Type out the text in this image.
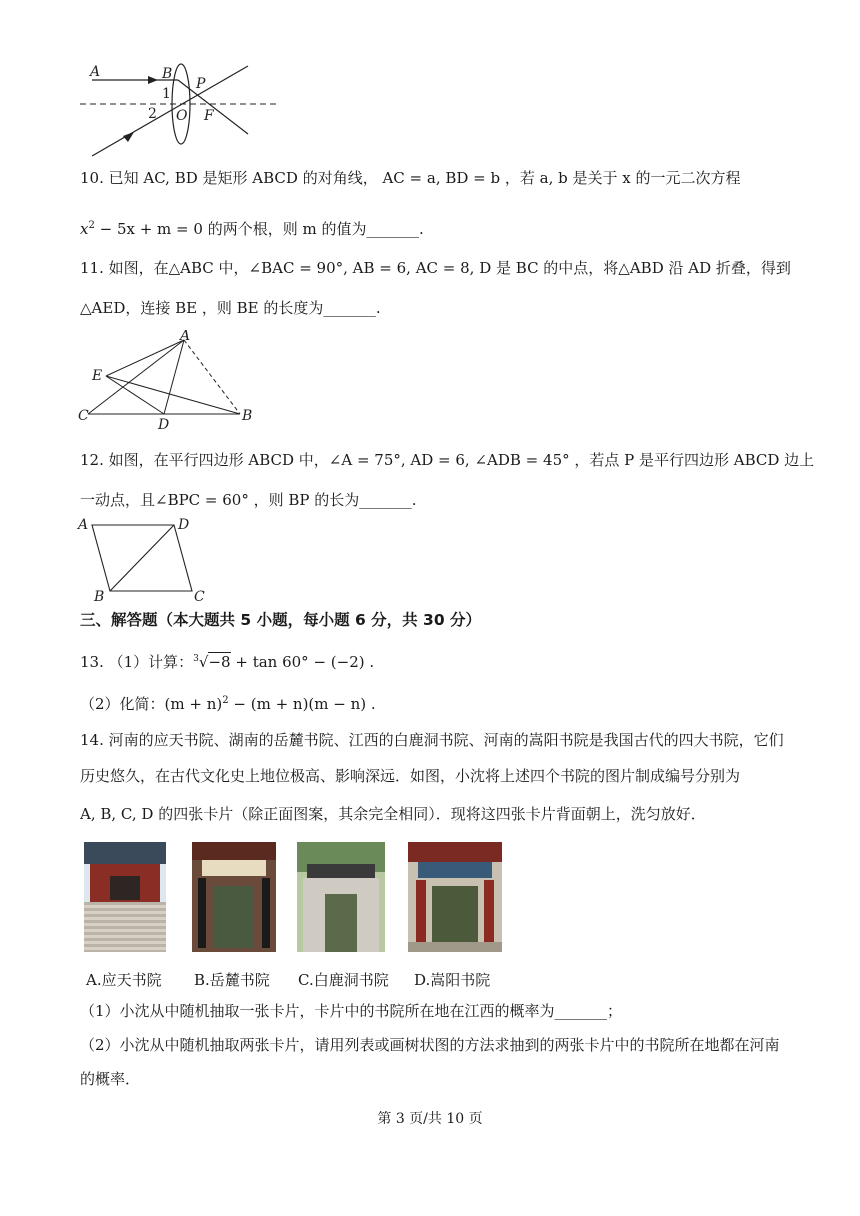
A	B
P
1
2 O F
10. 已知 AC, BD 是矩形 ABCD 的对角线， AC = a, BD = b ，若 a, b 是关于 x 的一元二次方程
$x^2 - 5x + m = 0$ 的两个根，则 m 的值为_______.
11. 如图，在△ABC 中，∠BAC = 90°, AB = 6, AC = 8, D 是 BC 的中点，将△ABD 沿 AD 折叠，得到
△AED，连接 BE ，则 BE 的长度为_______.
A
E
C
D
B
12. 如图，在平行四边形 ABCD 中，∠A = 75°, AD = 6, ∠ADB = 45° ，若点 P 是平行四边形 ABCD 边上
一动点，且∠BPC = 60° ，则 BP 的长为_______.
A	D
B	C
三、解答题（本大题共 5 小题，每小题 6 分，共 30 分）
13. （1）计算：$^3$√−8 + tan 60° − (−2) .
（2）化简：$(m + n)^2 - (m + n)(m - n)$ .
14. 河南的应天书院、湖南的岳麓书院、江西的白鹿洞书院、河南的嵩阳书院是我国古代的四大书院，它们
历史悠久，在古代文化史上地位极高、影响深远．如图，小沈将上述四个书院的图片制成编号分别为
A, B, C, D 的四张卡片（除正面图案，其余完全相同）．现将这四张卡片背面朝上，洗匀放好．
A.应天书院 B.岳麓书院 C.白鹿洞书院 D.嵩阳书院
（1）小沈从中随机抽取一张卡片，卡片中的书院所在地在江西的概率为_______；
（2）小沈从中随机抽取两张卡片，请用列表或画树状图的方法求抽到的两张卡片中的书院所在地都在河南
的概率．
第 3 页/共 10 页
